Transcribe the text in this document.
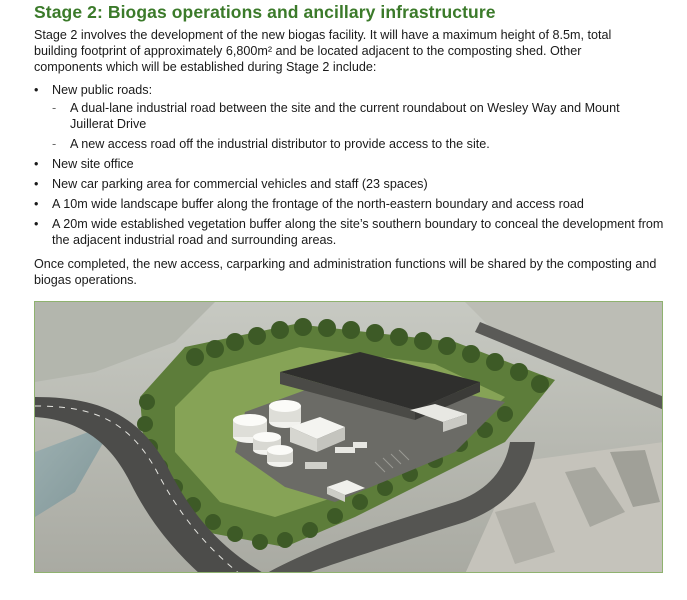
Stage 2: Biogas operations and ancillary infrastructure

Stage 2 involves the development of the new biogas facility. It will have a maximum height of 8.5m, total building footprint of approximately 6,800m² and be located adjacent to the composting shed. Other components which will be established during Stage 2 include:

• New public roads:
- A dual-lane industrial road between the site and the current roundabout on Wesley Way and Mount Juillerat Drive
- A new access road off the industrial distributor to provide access to the site.
• New site office
• New car parking area for commercial vehicles and staff (23 spaces)
• A 10m wide landscape buffer along the frontage of the north-eastern boundary and access road
• A 20m wide established vegetation buffer along the site’s southern boundary to conceal the development from the adjacent industrial road and surrounding areas.

Once completed, the new access, carparking and administration functions will be shared by the composting and biogas operations.
